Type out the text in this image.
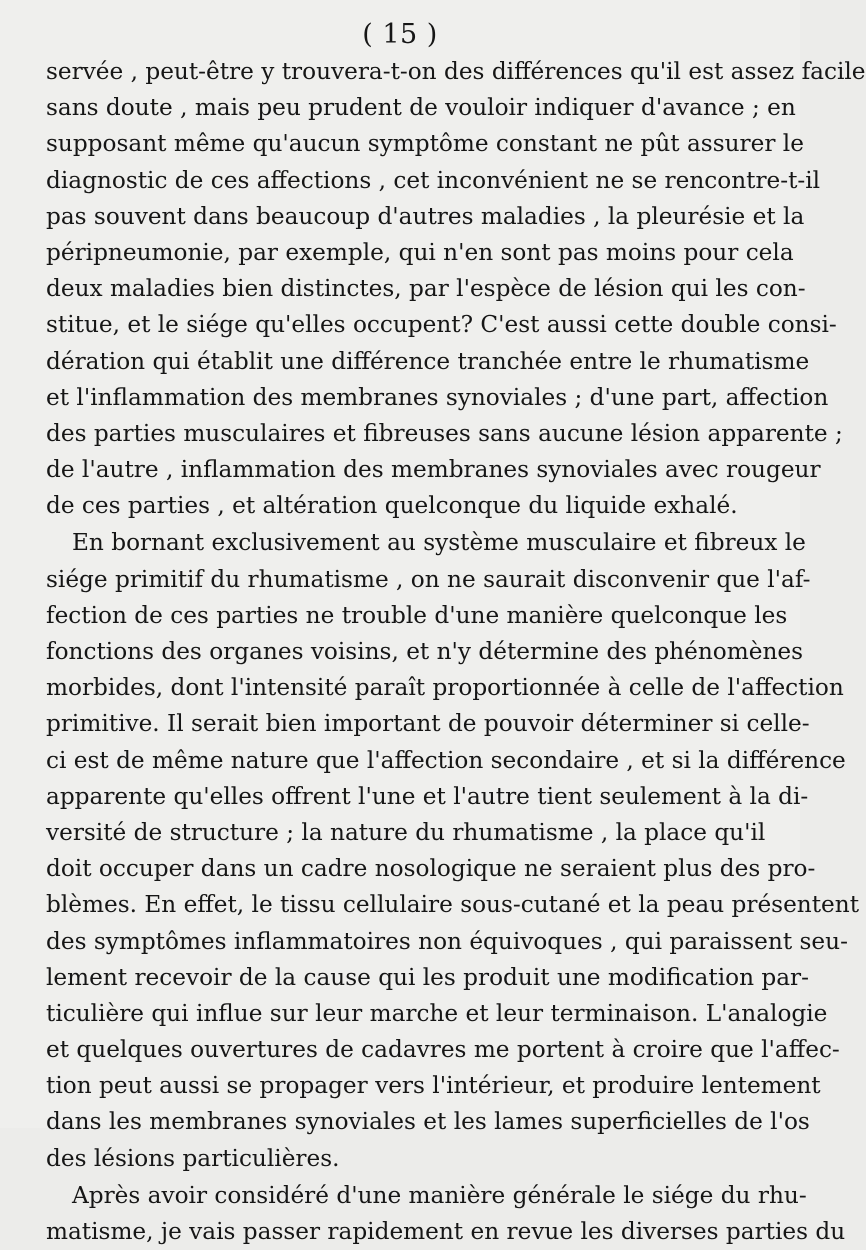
( 15 )
servée , peut-être y trouvera-t-on des différences qu'il est assez facile
sans doute , mais peu prudent de vouloir indiquer d'avance ; en
supposant même qu'aucun symptôme constant ne pût assurer le
diagnostic de ces affections , cet inconvénient ne se rencontre-t-il
pas souvent dans beaucoup d'autres maladies , la pleurésie et la
péripneumonie, par exemple, qui n'en sont pas moins pour cela
deux maladies bien distinctes, par l'espèce de lésion qui les con-
stitue, et le siége qu'elles occupent? C'est aussi cette double consi-
dération qui établit une différence tranchée entre le rhumatisme
et l'inflammation des membranes synoviales ; d'une part, affection
des parties musculaires et fibreuses sans aucune lésion apparente ;
de l'autre , inflammation des membranes synoviales avec rougeur
de ces parties , et altération quelconque du liquide exhalé.
En bornant exclusivement au système musculaire et fibreux le
siége primitif du rhumatisme , on ne saurait disconvenir que l'af-
fection de ces parties ne trouble d'une manière quelconque les
fonctions des organes voisins, et n'y détermine des phénomènes
morbides, dont l'intensité paraît proportionnée à celle de l'affection
primitive. Il serait bien important de pouvoir déterminer si celle-
ci est de même nature que l'affection secondaire , et si la différence
apparente qu'elles offrent l'une et l'autre tient seulement à la di-
versité de structure ; la nature du rhumatisme , la place qu'il
doit occuper dans un cadre nosologique ne seraient plus des pro-
blèmes. En effet, le tissu cellulaire sous-cutané et la peau présentent
des symptômes inflammatoires non équivoques , qui paraissent seu-
lement recevoir de la cause qui les produit une modification par-
ticulière qui influe sur leur marche et leur terminaison. L'analogie
et quelques ouvertures de cadavres me portent à croire que l'affec-
tion peut aussi se propager vers l'intérieur, et produire lentement
dans les membranes synoviales et les lames superficielles de l'os
des lésions particulières.
Après avoir considéré d'une manière générale le siége du rhu-
matisme, je vais passer rapidement en revue les diverses parties du
